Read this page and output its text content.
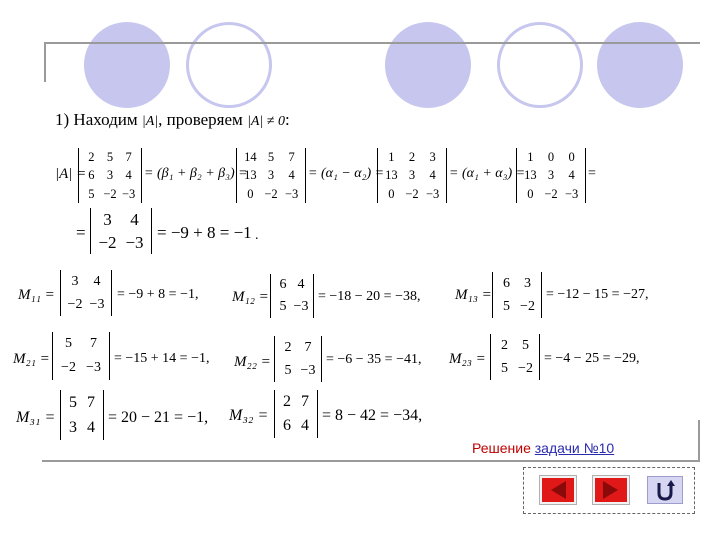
1) Находим |A|, проверяем |A| ≠ 0:
|A| =
2 5 7
6 3 4
5 −2 −3
= (β₁ + β₂ + β₃) =
14 5 7
13 3 4
0 −2 −3
= (α₁ − α₂) =
1 2 3
13 3 4
0 −2 −3
= (α₁ + α₃) =
1 0 0
13 3 4
0 −2 −3
=
=
3 4
−2 −3
= −9 + 8 = −1 .
M₁₁ =
3 4
−2 −3
= −9 + 8 = −1, M₁₂ =
6 4
5 −3
= −18 − 20 = −38, M₁₃ =
6 3
5 −2
= −12 − 15 = −27,
M₂₁ =
5 7
−2 −3
= −15 + 14 = −1, M₂₂ =
2 7
5 −3
= −6 − 35 = −41, M₂₃ =
2 5
5 −2
= −4 − 25 = −29,
M₃₁ =
5 7
3 4
= 20 − 21 = −1, M₃₂ =
2 7
6 4
= 8 − 42 = −34,
Решение задачи №10
